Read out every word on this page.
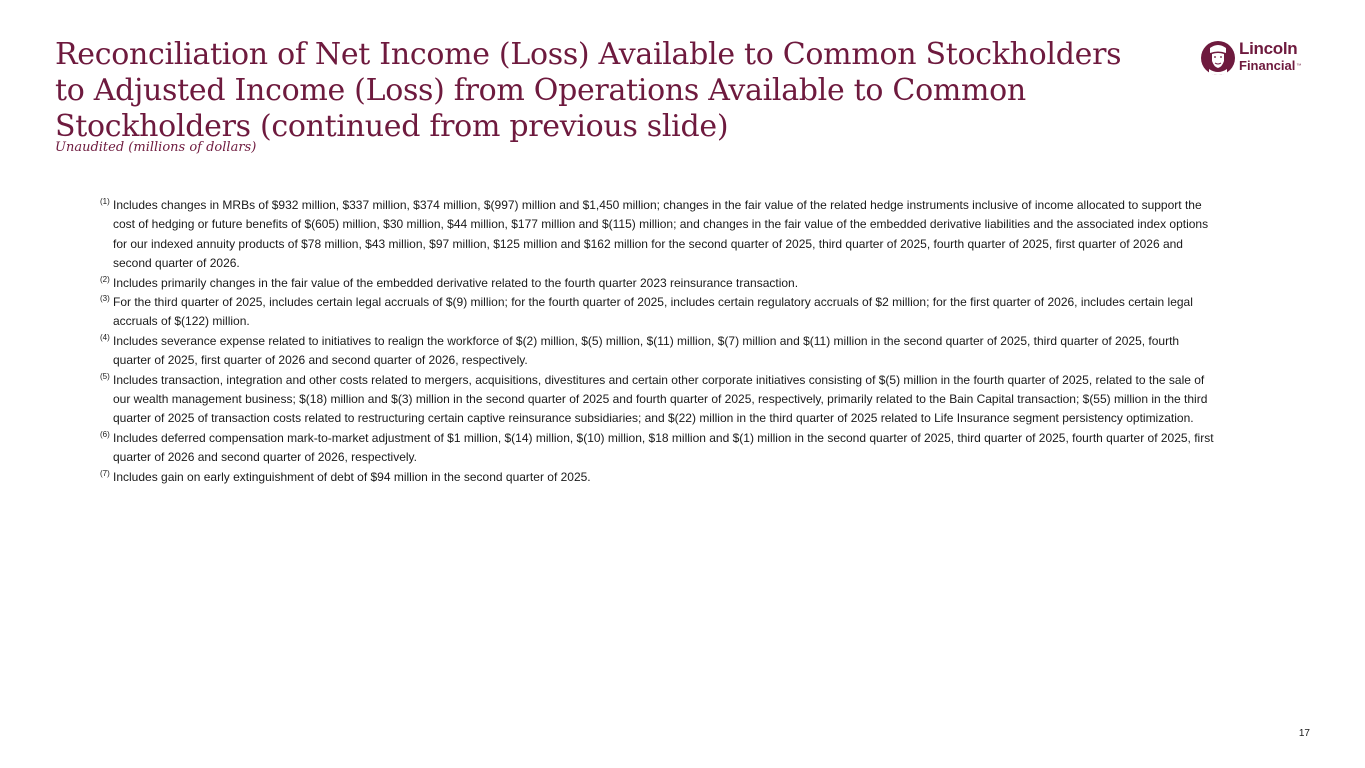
Reconciliation of Net Income (Loss) Available to Common Stockholders to Adjusted Income (Loss) from Operations Available to Common Stockholders (continued from previous slide)
Unaudited (millions of dollars)
Lincoln
Financial™
(1) Includes changes in MRBs of $932 million, $337 million, $374 million, $(997) million and $1,450 million; changes in the fair value of the related hedge instruments inclusive of income allocated to support the cost of hedging or future benefits of $(605) million, $30 million, $44 million, $177 million and $(115) million; and changes in the fair value of the embedded derivative liabilities and the associated index options for our indexed annuity products of $78 million, $43 million, $97 million, $125 million and $162 million for the second quarter of 2025, third quarter of 2025, fourth quarter of 2025, first quarter of 2026 and second quarter of 2026.
(2) Includes primarily changes in the fair value of the embedded derivative related to the fourth quarter 2023 reinsurance transaction.
(3) For the third quarter of 2025, includes certain legal accruals of $(9) million; for the fourth quarter of 2025, includes certain regulatory accruals of $2 million; for the first quarter of 2026, includes certain legal accruals of $(122) million.
(4) Includes severance expense related to initiatives to realign the workforce of $(2) million, $(5) million, $(11) million, $(7) million and $(11) million in the second quarter of 2025, third quarter of 2025, fourth quarter of 2025, first quarter of 2026 and second quarter of 2026, respectively.
(5) Includes transaction, integration and other costs related to mergers, acquisitions, divestitures and certain other corporate initiatives consisting of $(5) million in the fourth quarter of 2025, related to the sale of our wealth management business; $(18) million and $(3) million in the second quarter of 2025 and fourth quarter of 2025, respectively, primarily related to the Bain Capital transaction; $(55) million in the third quarter of 2025 of transaction costs related to restructuring certain captive reinsurance subsidiaries; and $(22) million in the third quarter of 2025 related to Life Insurance segment persistency optimization.
(6) Includes deferred compensation mark-to-market adjustment of $1 million, $(14) million, $(10) million, $18 million and $(1) million in the second quarter of 2025, third quarter of 2025, fourth quarter of 2025, first quarter of 2026 and second quarter of 2026, respectively.
(7) Includes gain on early extinguishment of debt of $94 million in the second quarter of 2025.
17
